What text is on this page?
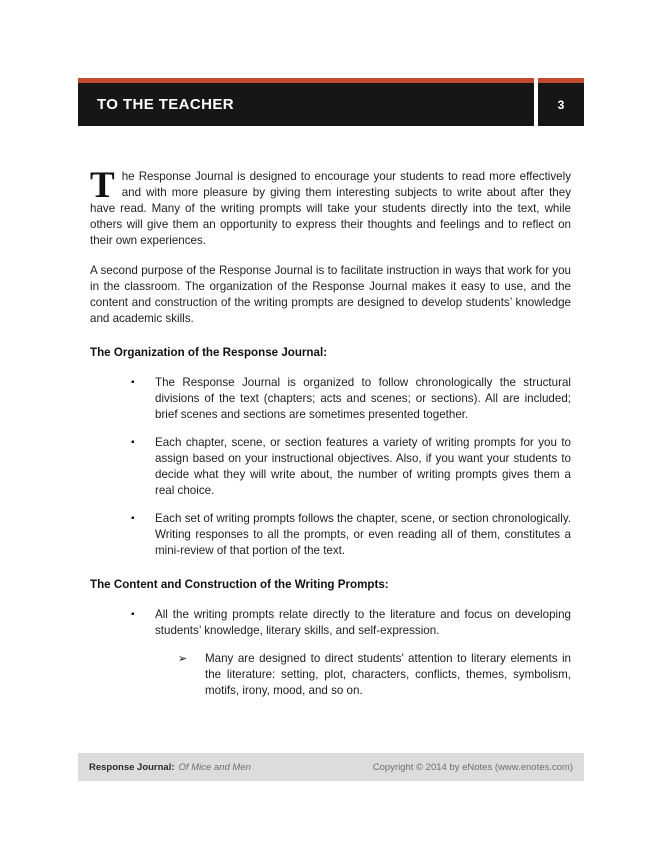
TO THE TEACHER	3

The Response Journal is designed to encourage your students to read more effectively and with more pleasure by giving them interesting subjects to write about after they have read. Many of the writing prompts will take your students directly into the text, while others will give them an opportunity to express their thoughts and feelings and to reflect on their own experiences.

A second purpose of the Response Journal is to facilitate instruction in ways that work for you in the classroom. The organization of the Response Journal makes it easy to use, and the content and construction of the writing prompts are designed to develop students’ knowledge and academic skills.

The Organization of the Response Journal:
▪	The Response Journal is organized to follow chronologically the structural divisions of the text (chapters; acts and scenes; or sections). All are included; brief scenes and sections are sometimes presented together.
▪	Each chapter, scene, or section features a variety of writing prompts for you to assign based on your instructional objectives. Also, if you want your students to decide what they will write about, the number of writing prompts gives them a real choice.
▪	Each set of writing prompts follows the chapter, scene, or section chronologically. Writing responses to all the prompts, or even reading all of them, constitutes a mini-review of that portion of the text.
The Content and Construction of the Writing Prompts:
▪	All the writing prompts relate directly to the literature and focus on developing students’ knowledge, literary skills, and self-expression.
➢	Many are designed to direct students’ attention to literary elements in the literature: setting, plot, characters, conflicts, themes, symbolism, motifs, irony, mood, and so on.
Response Journal: Of Mice and Men	Copyright © 2014 by eNotes (www.enotes.com)
